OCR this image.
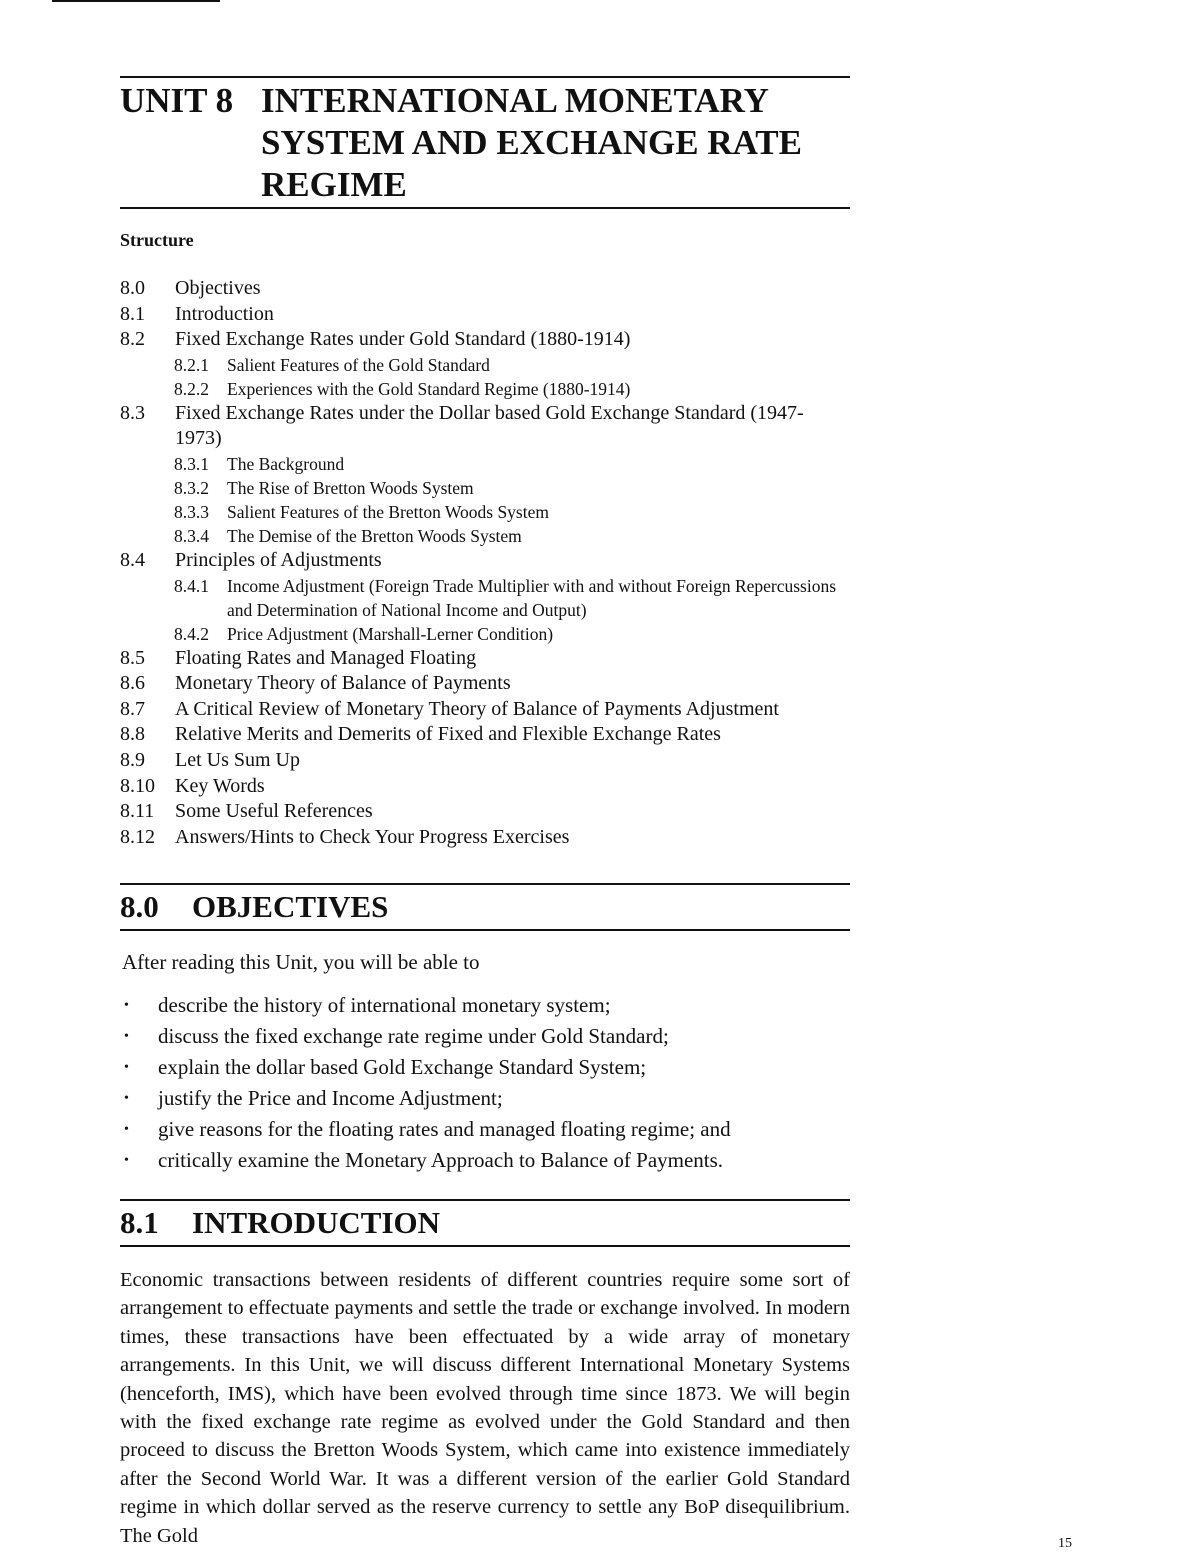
UNIT 8 INTERNATIONAL MONETARY SYSTEM AND EXCHANGE RATE REGIME
Structure
8.0	Objectives
8.1	Introduction
8.2	Fixed Exchange Rates under Gold Standard (1880-1914)
8.2.1	Salient Features of the Gold Standard
8.2.2	Experiences with the Gold Standard Regime (1880-1914)
8.3	Fixed Exchange Rates under the Dollar based Gold Exchange Standard (1947-1973)
8.3.1	The Background
8.3.2	The Rise of Bretton Woods System
8.3.3	Salient Features of the Bretton Woods System
8.3.4	The Demise of the Bretton Woods System
8.4	Principles of Adjustments
8.4.1	Income Adjustment (Foreign Trade Multiplier with and without Foreign Repercussions and Determination of National Income and Output)
8.4.2	Price Adjustment (Marshall-Lerner Condition)
8.5	Floating Rates and Managed Floating
8.6	Monetary Theory of Balance of Payments
8.7	A Critical Review of Monetary Theory of Balance of Payments Adjustment
8.8	Relative Merits and Demerits of Fixed and Flexible Exchange Rates
8.9	Let Us Sum Up
8.10	Key Words
8.11	Some Useful References
8.12	Answers/Hints to Check Your Progress Exercises
8.0 OBJECTIVES
After reading this Unit, you will be able to
• describe the history of international monetary system;
• discuss the fixed exchange rate regime under Gold Standard;
• explain the dollar based Gold Exchange Standard System;
• justify the Price and Income Adjustment;
• give reasons for the floating rates and managed floating regime; and
• critically examine the Monetary Approach to Balance of Payments.
8.1 INTRODUCTION

Economic transactions between residents of different countries require some sort of arrangement to effectuate payments and settle the trade or exchange involved. In modern times, these transactions have been effectuated by a wide array of monetary arrangements. In this Unit, we will discuss different International Monetary Systems (henceforth, IMS), which have been evolved through time since 1873. We will begin with the fixed exchange rate regime as evolved under the Gold Standard and then proceed to discuss the Bretton Woods System, which came into existence immediately after the Second World War. It was a different version of the earlier Gold Standard regime in which dollar served as the reserve currency to settle any BoP disequilibrium. The Gold	15
